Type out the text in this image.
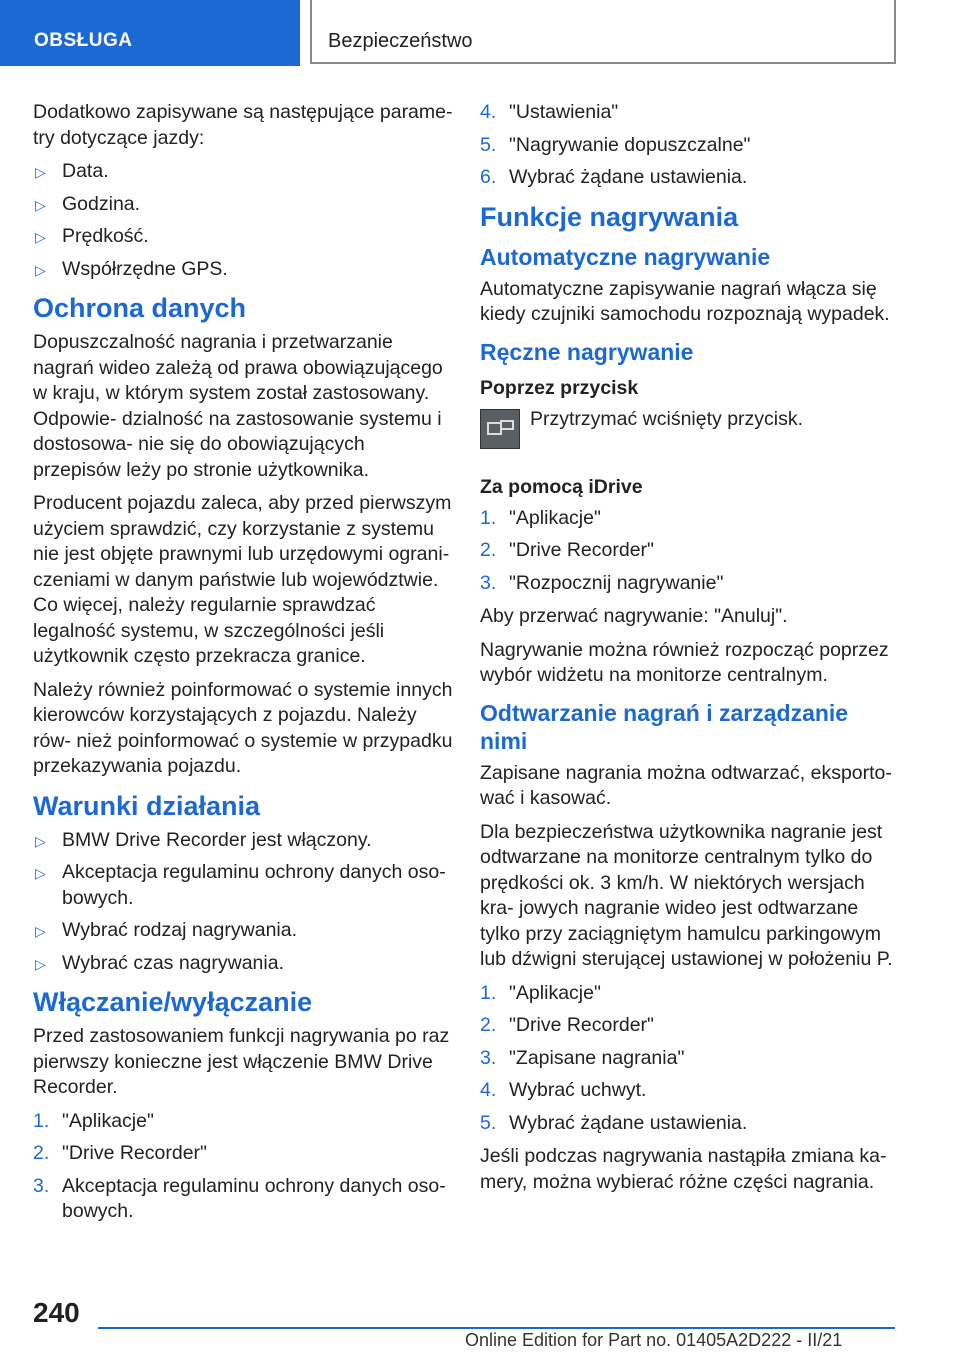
OBSŁUGA	Bezpieczeństwo

Dodatkowo zapisywane są następujące parame- try dotyczące jazdy:

▷ Data.
▷ Godzina.
▷ Prędkość.
▷ Współrzędne GPS.
Ochrona danych

Dopuszczalność nagrania i przetwarzanie nagrań wideo zależą od prawa obowiązującego w kraju, w którym system został zastosowany. Odpowie- dzialność na zastosowanie systemu i dostosowa- nie się do obowiązujących przepisów leży po stronie użytkownika.

Producent pojazdu zaleca, aby przed pierwszym użyciem sprawdzić, czy korzystanie z systemu nie jest objęte prawnymi lub urzędowymi ograni- czeniami w danym państwie lub województwie. Co więcej, należy regularnie sprawdzać legalność systemu, w szczególności jeśli użytkownik często przekracza granice.

Należy również poinformować o systemie innych kierowców korzystających z pojazdu. Należy rów- nież poinformować o systemie w przypadku przekazywania pojazdu.

Warunki działania
▷ BMW Drive Recorder jest włączony.
▷ Akceptacja regulaminu ochrony danych oso- bowych.
▷ Wybrać rodzaj nagrywania.
▷ Wybrać czas nagrywania.
Włączanie/wyłączanie

Przed zastosowaniem funkcji nagrywania po raz pierwszy konieczne jest włączenie BMW Drive Recorder.

1. "Aplikacje"
2. "Drive Recorder"
3. Akceptacja regulaminu ochrony danych oso- bowych.
4. "Ustawienia"
5. "Nagrywanie dopuszczalne"
6. Wybrać żądane ustawienia.
Funkcje nagrywania
Automatyczne nagrywanie

Automatyczne zapisywanie nagrań włącza się kiedy czujniki samochodu rozpoznają wypadek.

Ręczne nagrywanie
Poprzez przycisk
Przytrzymać wciśnięty przycisk.
Za pomocą iDrive
1. "Aplikacje"
2. "Drive Recorder"
3. "Rozpocznij nagrywanie"

Aby przerwać nagrywanie: "Anuluj".

Nagrywanie można również rozpocząć poprzez wybór widżetu na monitorze centralnym.

Odtwarzanie nagrań i zarządzanie nimi

Zapisane nagrania można odtwarzać, eksporto- wać i kasować.

Dla bezpieczeństwa użytkownika nagranie jest odtwarzane na monitorze centralnym tylko do prędkości ok. 3 km/h. W niektórych wersjach kra- jowych nagranie wideo jest odtwarzane tylko przy zaciągniętym hamulcu parkingowym lub dźwigni sterującej ustawionej w położeniu P.

1. "Aplikacje"
2. "Drive Recorder"
3. "Zapisane nagrania"
4. Wybrać uchwyt.
5. Wybrać żądane ustawienia.

Jeśli podczas nagrywania nastąpiła zmiana ka- mery, można wybierać różne części nagrania.

240
Online Edition for Part no. 01405A2D222 - II/21
